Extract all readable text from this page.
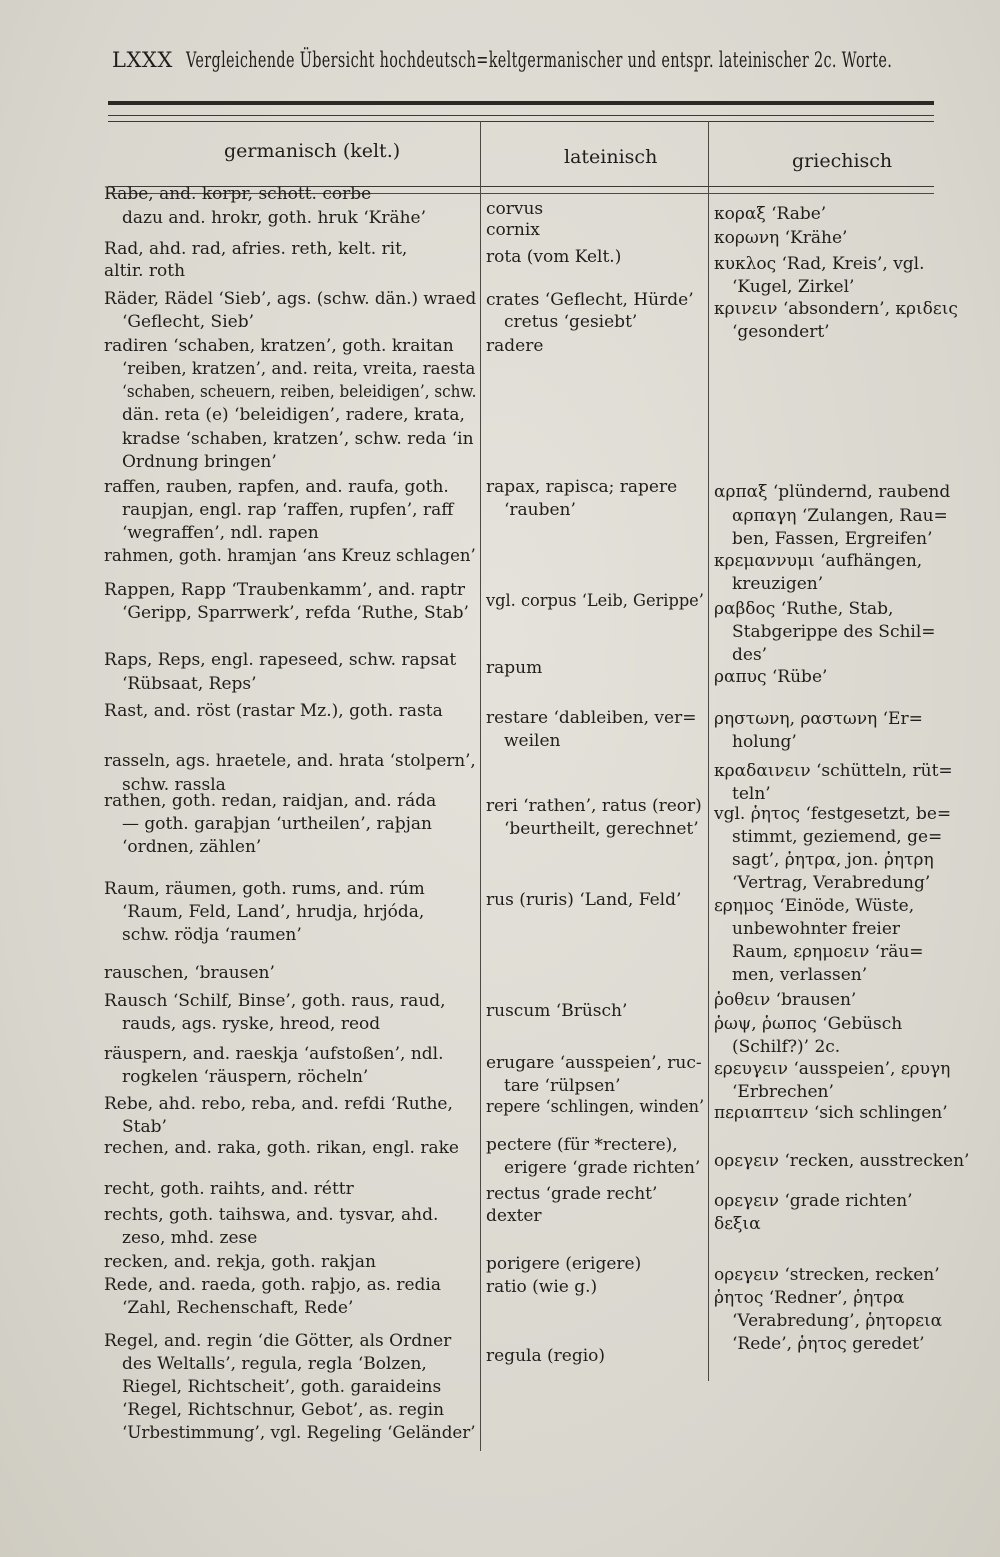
LXXX Vergleichende Übersicht hochdeutsch=keltgermanischer und entspr. lateinischer 2c. Worte.
germanisch (kelt.)	lateinisch	griechisch
Rabe, and. korpr, schott. corbe
dazu and. hrokr, goth. hruk ‘Krähe’
Rad, ahd. rad, afries. reth, kelt. rit,
altir. roth
Räder, Rädel ‘Sieb’, ags. (schw. dän.) wraed
‘Geflecht, Sieb’
radiren ‘schaben, kratzen’, goth. kraitan
‘reiben, kratzen’, and. reita, vreita, raesta
‘schaben, scheuern, reiben, beleidigen’, schw.
dän. reta (e) ‘beleidigen’, radere, krata,
kradse ‘schaben, kratzen’, schw. reda ‘in
Ordnung bringen’
raffen, rauben, rapfen, and. raufa, goth.
raupjan, engl. rap ‘raffen, rupfen’, raff
‘wegraffen’, ndl. rapen
rahmen, goth. hramjan ‘ans Kreuz schlagen’
Rappen, Rapp ‘Traubenkamm’, and. raptr
‘Geripp, Sparrwerk’, refda ‘Ruthe, Stab’
Raps, Reps, engl. rapeseed, schw. rapsat
‘Rübsaat, Reps’
Rast, and. röst (rastar Mz.), goth. rasta
rasseln, ags. hraetele, and. hrata ‘stolpern’,
schw. rassla
rathen, goth. redan, raidjan, and. ráda
— goth. garaþjan ‘urtheilen’, raþjan
‘ordnen, zählen’
Raum, räumen, goth. rums, and. rúm
‘Raum, Feld, Land’, hrudja, hrjóda,
schw. rödja ‘raumen’
rauschen, ‘brausen’
Rausch ‘Schilf, Binse’, goth. raus, raud,
rauds, ags. ryske, hreod, reod
räuspern, and. raeskja ‘aufstoßen’, ndl.
rogkelen ‘räuspern, röcheln’
Rebe, ahd. rebo, reba, and. refdi ‘Ruthe,
Stab’
rechen, and. raka, goth. rikan, engl. rake
recht, goth. raihts, and. réttr
rechts, goth. taihswa, and. tysvar, ahd.
zeso, mhd. zese
recken, and. rekja, goth. rakjan
Rede, and. raeda, goth. raþjo, as. redia
‘Zahl, Rechenschaft, Rede’
Regel, and. regin ‘die Götter, als Ordner
des Weltalls’, regula, regla ‘Bolzen,
Riegel, Richtscheit’, goth. garaideins
‘Regel, Richtschnur, Gebot’, as. regin
‘Urbestimmung’, vgl. Regeling ‘Geländer’
corvus
cornix
rota (vom Kelt.)
crates ‘Geflecht, Hürde’
cretus ‘gesiebt’
radere
rapax, rapisca; rapere
‘rauben’
vgl. corpus ‘Leib, Gerippe’
rapum
restare ‘dableiben, ver=
weilen
reri ‘rathen’, ratus (reor)
‘beurtheilt, gerechnet’
rus (ruris) ‘Land, Feld’
ruscum ‘Brüsch’
erugare ‘ausspeien’, ruc-
tare ‘rülpsen’
repere ‘schlingen, winden’
pectere (für *rectere),
erigere ‘grade richten’
rectus ‘grade recht’
dexter
porigere (erigere)
ratio (wie g.)
regula (regio)
κοραξ ‘Rabe’
κορωνη ‘Krähe’
κυκλος ‘Rad, Kreis’, vgl.
‘Kugel, Zirkel’
κρινειν ‘absondern’, κριδεις
‘gesondert’
αρπαξ ‘plündernd, raubend
αρπαγη ‘Zulangen, Rau=
ben, Fassen, Ergreifen’
κρεμαννυμι ‘aufhängen,
kreuzigen’
ραβδος ‘Ruthe, Stab,
Stabgerippe des Schil=
des’
ραπυς ‘Rübe’
ρηστωνη, ραστωνη ‘Er=
holung’
κραδαινειν ‘schütteln, rüt=
teln’
vgl. ῥητος ‘festgesetzt, be=
stimmt, geziemend, ge=
sagt’, ῥητρα, jon. ῥητρη
‘Vertrag, Verabredung’
ερημος ‘Einöde, Wüste,
unbewohnter freier
Raum, ερημοειν ‘räu=
men, verlassen’
ῥοθειν ‘brausen’
ῥωψ, ῥωπος ‘Gebüsch
(Schilf?)’ 2c.
ερευγειν ‘ausspeien’, ερυγη
‘Erbrechen’
περιαπτειν ‘sich schlingen’
ορεγειν ‘recken, ausstrecken’
ορεγειν ‘grade richten’
δεξια
ορεγειν ‘strecken, recken’
ῥητος ‘Redner’, ῥητρα
‘Verabredung’, ῥητορεια
‘Rede’, ῥητος geredet’
